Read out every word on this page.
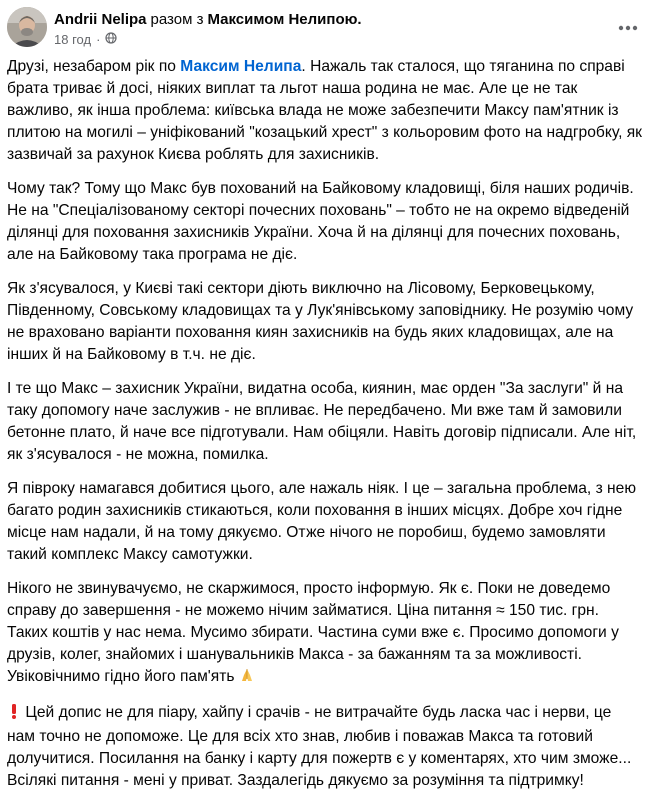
Andrii Nelipa разом з Максимом Нелипою.
18 год ·

Друзі, незабаром рік по Максим Нелипа. Нажаль так сталося, що тяганина по справі брата триває й досі, ніяких виплат та льгот наша родина не має. Але це не так важливо, як інша проблема: київська влада не може забезпечити Максу пам'ятник із плитою на могилі – уніфікований "козацький хрест" з кольоровим фото на надгробку, як зазвичай за рахунок Києва роблять для захисників.

Чому так? Тому що Макс був похований на Байковому кладовищі, біля наших родичів. Не на "Спеціалізованому секторі почесних поховань" – тобто не на окремо відведеній ділянці для поховання захисників України. Хоча й на ділянці для почесних поховань, але на Байковому така програма не діє.

Як з'ясувалося, у Києві такі сектори діють виключно на Лісовому, Берковецькому, Південному, Совському кладовищах та у Лук'янівському заповіднику. Не розумію чому не враховано варіанти поховання киян захисників на будь яких кладовищах, але на інших й на Байковому в т.ч. не діє.

І те що Макс – захисник України, видатна особа, киянин, має орден "За заслуги" й на таку допомогу наче заслужив - не впливає. Не передбачено. Ми вже там й замовили бетонне плато, й наче все підготували. Нам обіцяли. Навіть договір підписали. Але ніт, як з'ясувалося - не можна, помилка.

Я півроку намагався добитися цього, але нажаль ніяк. І це – загальна проблема, з нею багато родин захисників стикаються, коли поховання в інших місцях. Добре хоч гідне місце нам надали, й на тому дякуємо. Отже нічого не поробиш, будемо замовляти такий комплекс Максу самотужки.

Нікого не звинувачуємо, не скаржимося, просто інформую. Як є. Поки не доведемо справу до завершення - не можемо нічим займатися. Ціна питання ≈ 150 тис. грн. Таких коштів у нас нема. Мусимо збирати. Частина суми вже є. Просимо допомоги у друзів, колег, знайомих і шанувальників Макса - за бажанням та за можливості. Увіковічнимо гідно його пам'ять

Цей допис не для піару, хайпу і срачів - не витрачайте будь ласка час і нерви, це нам точно не допоможе. Це для всіх хто знав, любив і поважав Макса та готовий долучитися. Посилання на банку і карту для пожертв є у коментарях, хто чим зможе... Всілякі питання - мені у приват. Заздалегідь дякуємо за розуміння та підтримку!
